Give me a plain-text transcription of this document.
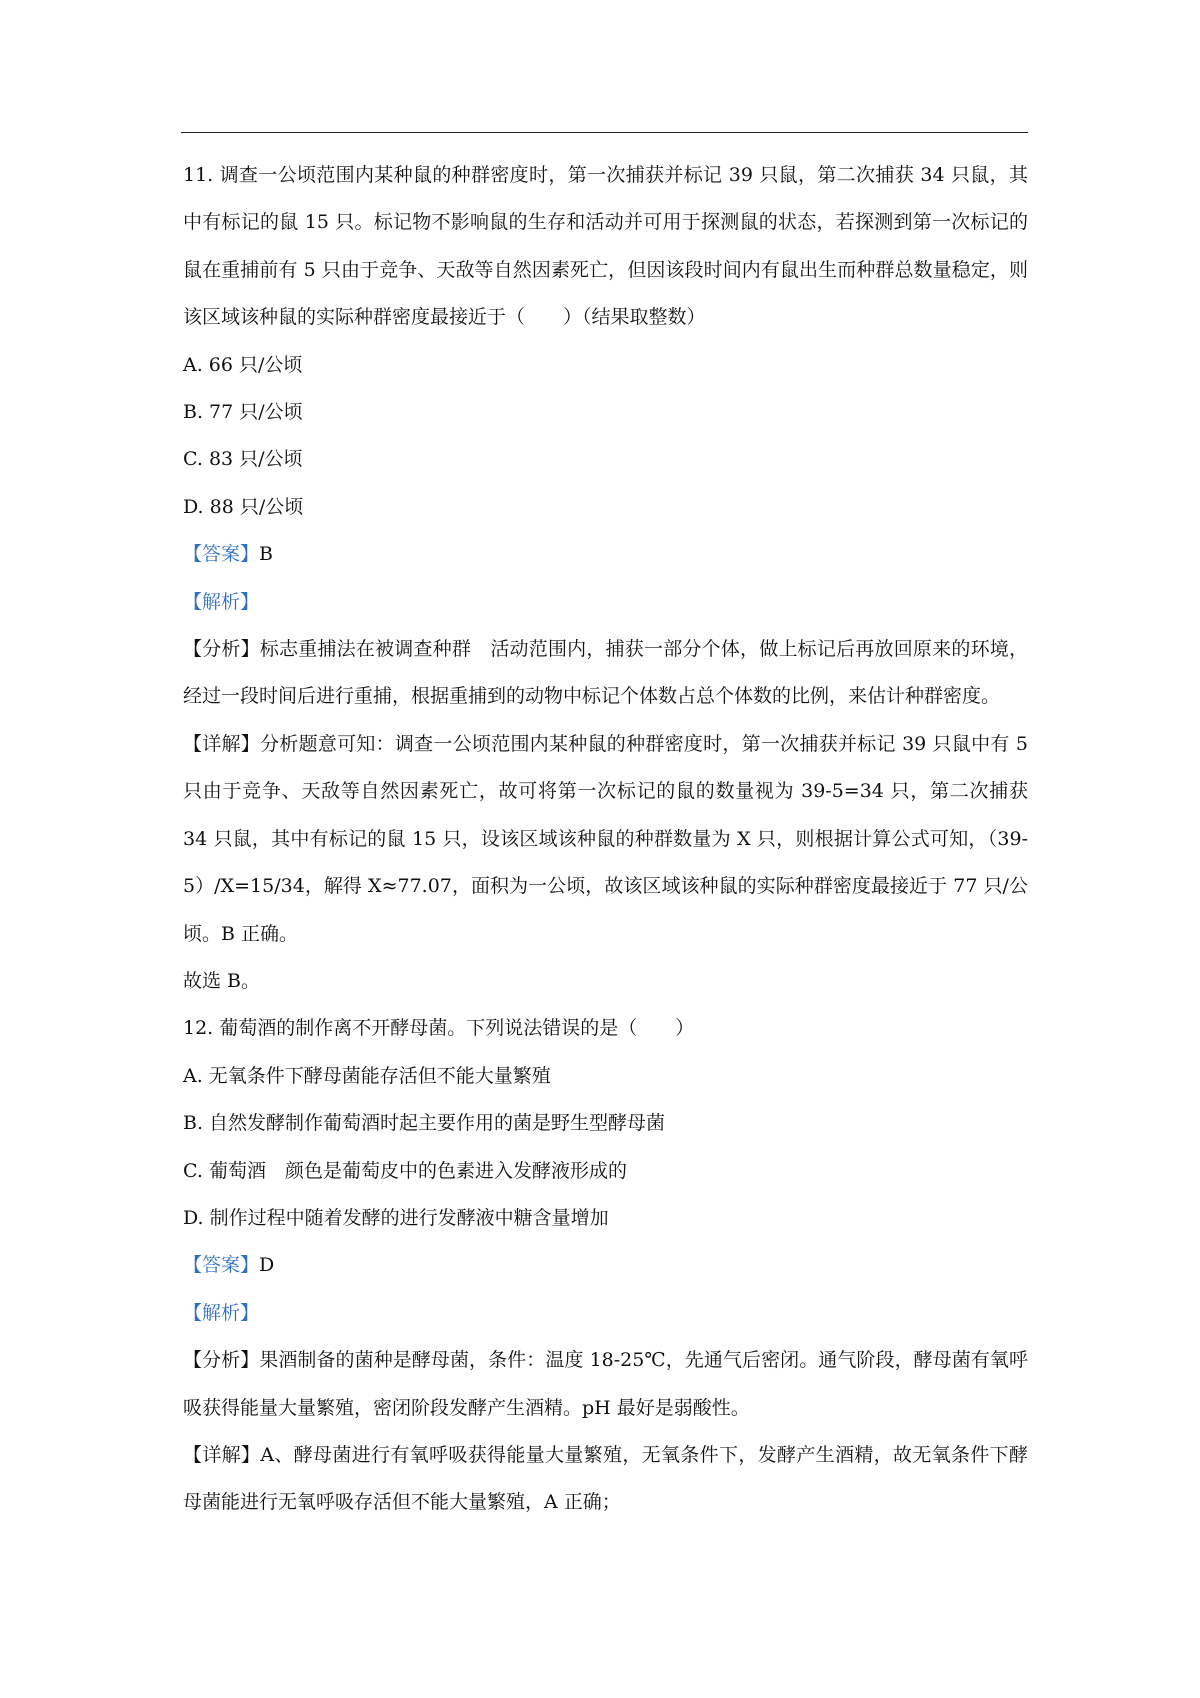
11. 调查一公顷范围内某种鼠的种群密度时，第一次捕获并标记 39 只鼠，第二次捕获 34 只鼠，其中有标记的鼠 15 只。标记物不影响鼠的生存和活动并可用于探测鼠的状态，若探测到第一次标记的鼠在重捕前有 5 只由于竞争、天敌等自然因素死亡，但因该段时间内有鼠出生而种群总数量稳定，则该区域该种鼠的实际种群密度最接近于（　　）（结果取整数）

A. 66 只/公顷

B. 77 只/公顷

C. 83 只/公顷

D. 88 只/公顷

【答案】B

【解析】

【分析】标志重捕法在被调查种群　活动范围内，捕获一部分个体，做上标记后再放回原来的环境，经过一段时间后进行重捕，根据重捕到的动物中标记个体数占总个体数的比例，来估计种群密度。

【详解】分析题意可知：调查一公顷范围内某种鼠的种群密度时，第一次捕获并标记 39 只鼠中有 5 只由于竞争、天敌等自然因素死亡，故可将第一次标记的鼠的数量视为 39-5=34 只，第二次捕获 34 只鼠，其中有标记的鼠 15 只，设该区域该种鼠的种群数量为 X 只，则根据计算公式可知，（39-5）/X=15/34，解得 X≈77.07，面积为一公顷，故该区域该种鼠的实际种群密度最接近于 77 只/公顷。B 正确。

故选 B。

12. 葡萄酒的制作离不开酵母菌。下列说法错误的是（　　）

A. 无氧条件下酵母菌能存活但不能大量繁殖

B. 自然发酵制作葡萄酒时起主要作用的菌是野生型酵母菌

C. 葡萄酒　颜色是葡萄皮中的色素进入发酵液形成的

D. 制作过程中随着发酵的进行发酵液中糖含量增加

【答案】D

【解析】

【分析】果酒制备的菌种是酵母菌，条件：温度 18-25℃，先通气后密闭。通气阶段，酵母菌有氧呼吸获得能量大量繁殖，密闭阶段发酵产生酒精。pH 最好是弱酸性。

【详解】A、酵母菌进行有氧呼吸获得能量大量繁殖，无氧条件下，发酵产生酒精，故无氧条件下酵母菌能进行无氧呼吸存活但不能大量繁殖，A 正确；
